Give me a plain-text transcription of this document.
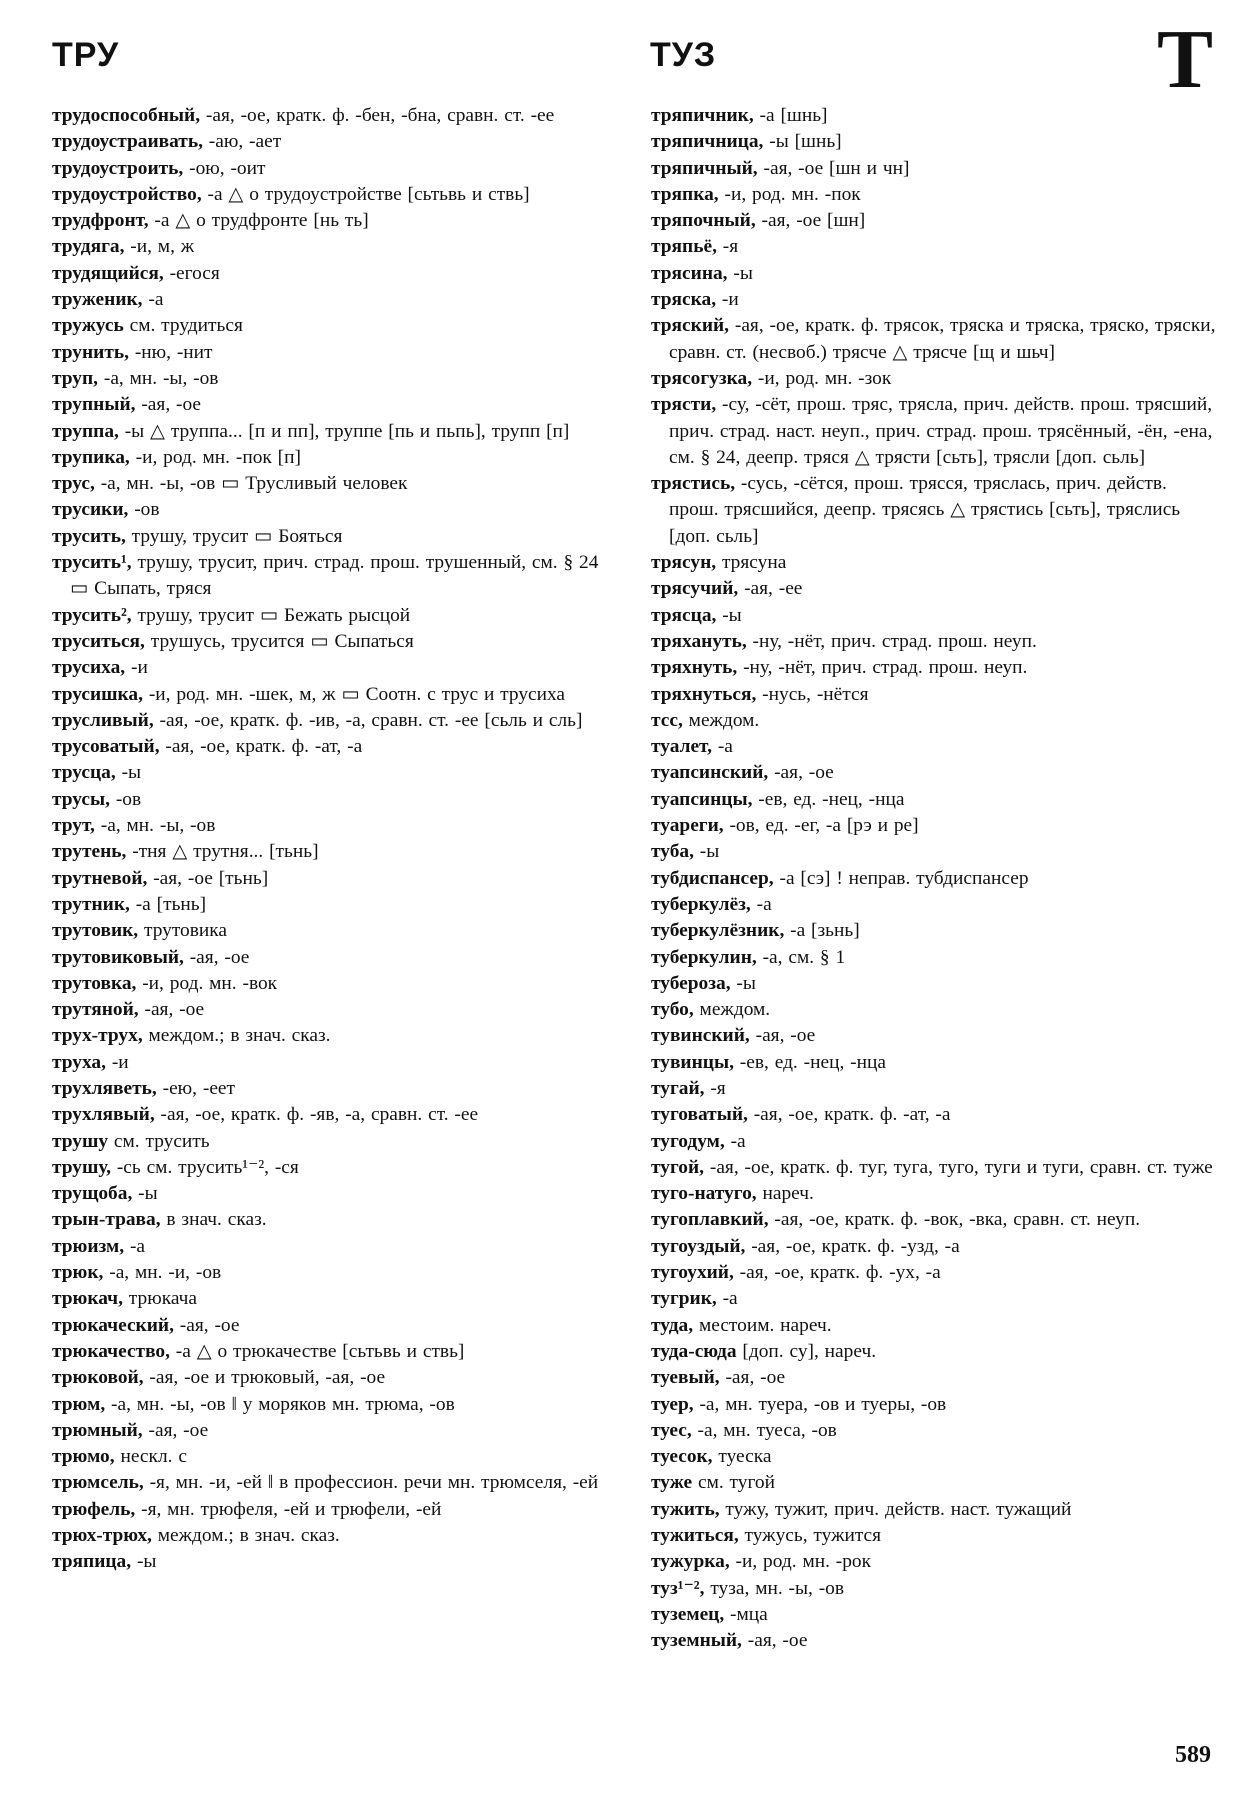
ТРУ	ТУЗ	Т

трудоспособный, -ая, -ое, кратк. ф. -бен, -бна, сравн. ст. -ее

трудоустраивать, -аю, -ает

трудоустроить, -ою, -оит

трудоустройство, -а △ о трудоустройстве [сьтьвь и ствь]

трудфронт, -а △ о трудфронте [нь ть]

трудяга, -и, м, ж

трудящийся, -егося

труженик, -а

тружусь см. трудиться

трунить, -ню, -нит

труп, -а, мн. -ы, -ов

трупный, -ая, -ое

труппа, -ы △ труппа... [п и пп], труппе [пь и пьпь], трупп [п]

трупика, -и, род. мн. -пок [п]

трус, -а, мн. -ы, -ов ▭ Трусливый человек

трусики, -ов

трусить, трушу, трусит ▭ Бояться

трусить¹, трушу, трусит, прич. страд. прош. трушенный, см. § 24 ▭ Сыпать, тряся

трусить², трушу, трусит ▭ Бежать рысцой

труситься, трушусь, трусится ▭ Сыпаться

трусиха, -и

трусишка, -и, род. мн. -шек, м, ж ▭ Соотн. с трус и трусиха

трусливый, -ая, -ое, кратк. ф. -ив, -а, сравн. ст. -ее [сьль и сль]

трусоватый, -ая, -ое, кратк. ф. -ат, -а

трусца, -ы

трусы, -ов

трут, -а, мн. -ы, -ов

трутень, -тня △ трутня... [тьнь]

трутневой, -ая, -ое [тьнь]

трутник, -а [тьнь]

трутовик, трутовика

трутовиковый, -ая, -ое

трутовка, -и, род. мн. -вок

трутяной, -ая, -ое

трух-трух, междом.; в знач. сказ.

труха, -и

трухляветь, -ею, -еет

трухлявый, -ая, -ое, кратк. ф. -яв, -а, сравн. ст. -ее

трушу см. трусить

трушу, -сь см. трусить¹⁻², -ся

трущоба, -ы

трын-трава, в знач. сказ.

трюизм, -а

трюк, -а, мн. -и, -ов

трюкач, трюкача

трюкаческий, -ая, -ое

трюкачество, -а △ о трюкачестве [сьтьвь и ствь]

трюковой, -ая, -ое и трюковый, -ая, -ое

трюм, -а, мн. -ы, -ов ‖ у моряков мн. трюма, -ов

трюмный, -ая, -ое

трюмо, нескл. с

трюмсель, -я, мн. -и, -ей ‖ в профессион. речи мн. трюмселя, -ей

трюфель, -я, мн. трюфеля, -ей и трюфели, -ей

трюх-трюх, междом.; в знач. сказ.

тряпица, -ы

тряпичник, -а [шнь]

тряпичница, -ы [шнь]

тряпичный, -ая, -ое [шн и чн]

тряпка, -и, род. мн. -пок

тряпочный, -ая, -ое [шн]

тряпьё, -я

трясина, -ы

тряска, -и

тряский, -ая, -ое, кратк. ф. трясок, тряска и тряска, тряско, тряски, сравн. ст. (несвоб.) трясче △ трясче [щ и шьч]

трясогузка, -и, род. мн. -зок

трясти, -су, -сёт, прош. тряс, трясла, прич. действ. прош. трясший, прич. страд. наст. неуп., прич. страд. прош. трясённый, -ён, -ена, см. § 24, деепр. тряся △ трясти [сьть], трясли [доп. сьль]

трястись, -сусь, -сётся, прош. трясся, тряслась, прич. действ. прош. трясшийся, деепр. трясясь △ трястись [сьть], тряслись [доп. сьль]

трясун, трясуна

трясучий, -ая, -ее

трясца, -ы

тряхануть, -ну, -нёт, прич. страд. прош. неуп.

тряхнуть, -ну, -нёт, прич. страд. прош. неуп.

тряхнуться, -нусь, -нётся

тсс, междом.

туалет, -а

туапсинский, -ая, -ое

туапсинцы, -ев, ед. -нец, -нца

туареги, -ов, ед. -ег, -а [рэ и ре]

туба, -ы

тубдиспансер, -а [сэ] ! неправ. тубдиспансер

туберкулёз, -а

туберкулёзник, -а [зьнь]

туберкулин, -а, см. § 1

тубероза, -ы

тубо, междом.

тувинский, -ая, -ое

тувинцы, -ев, ед. -нец, -нца

тугай, -я

туговатый, -ая, -ое, кратк. ф. -ат, -а

тугодум, -а

тугой, -ая, -ое, кратк. ф. туг, туга, туго, туги и туги, сравн. ст. туже

туго-натуго, нареч.

тугоплавкий, -ая, -ое, кратк. ф. -вок, -вка, сравн. ст. неуп.

тугоуздый, -ая, -ое, кратк. ф. -узд, -а

тугоухий, -ая, -ое, кратк. ф. -ух, -а

тугрик, -а

туда, местоим. нареч.

туда-сюда [доп. су], нареч.

туевый, -ая, -ое

туер, -а, мн. туера, -ов и туеры, -ов

туес, -а, мн. туеса, -ов

туесок, туеска

туже см. тугой

тужить, тужу, тужит, прич. действ. наст. тужащий

тужиться, тужусь, тужится

тужурка, -и, род. мн. -рок

туз¹⁻², туза, мн. -ы, -ов

туземец, -мца

туземный, -ая, -ое

589
